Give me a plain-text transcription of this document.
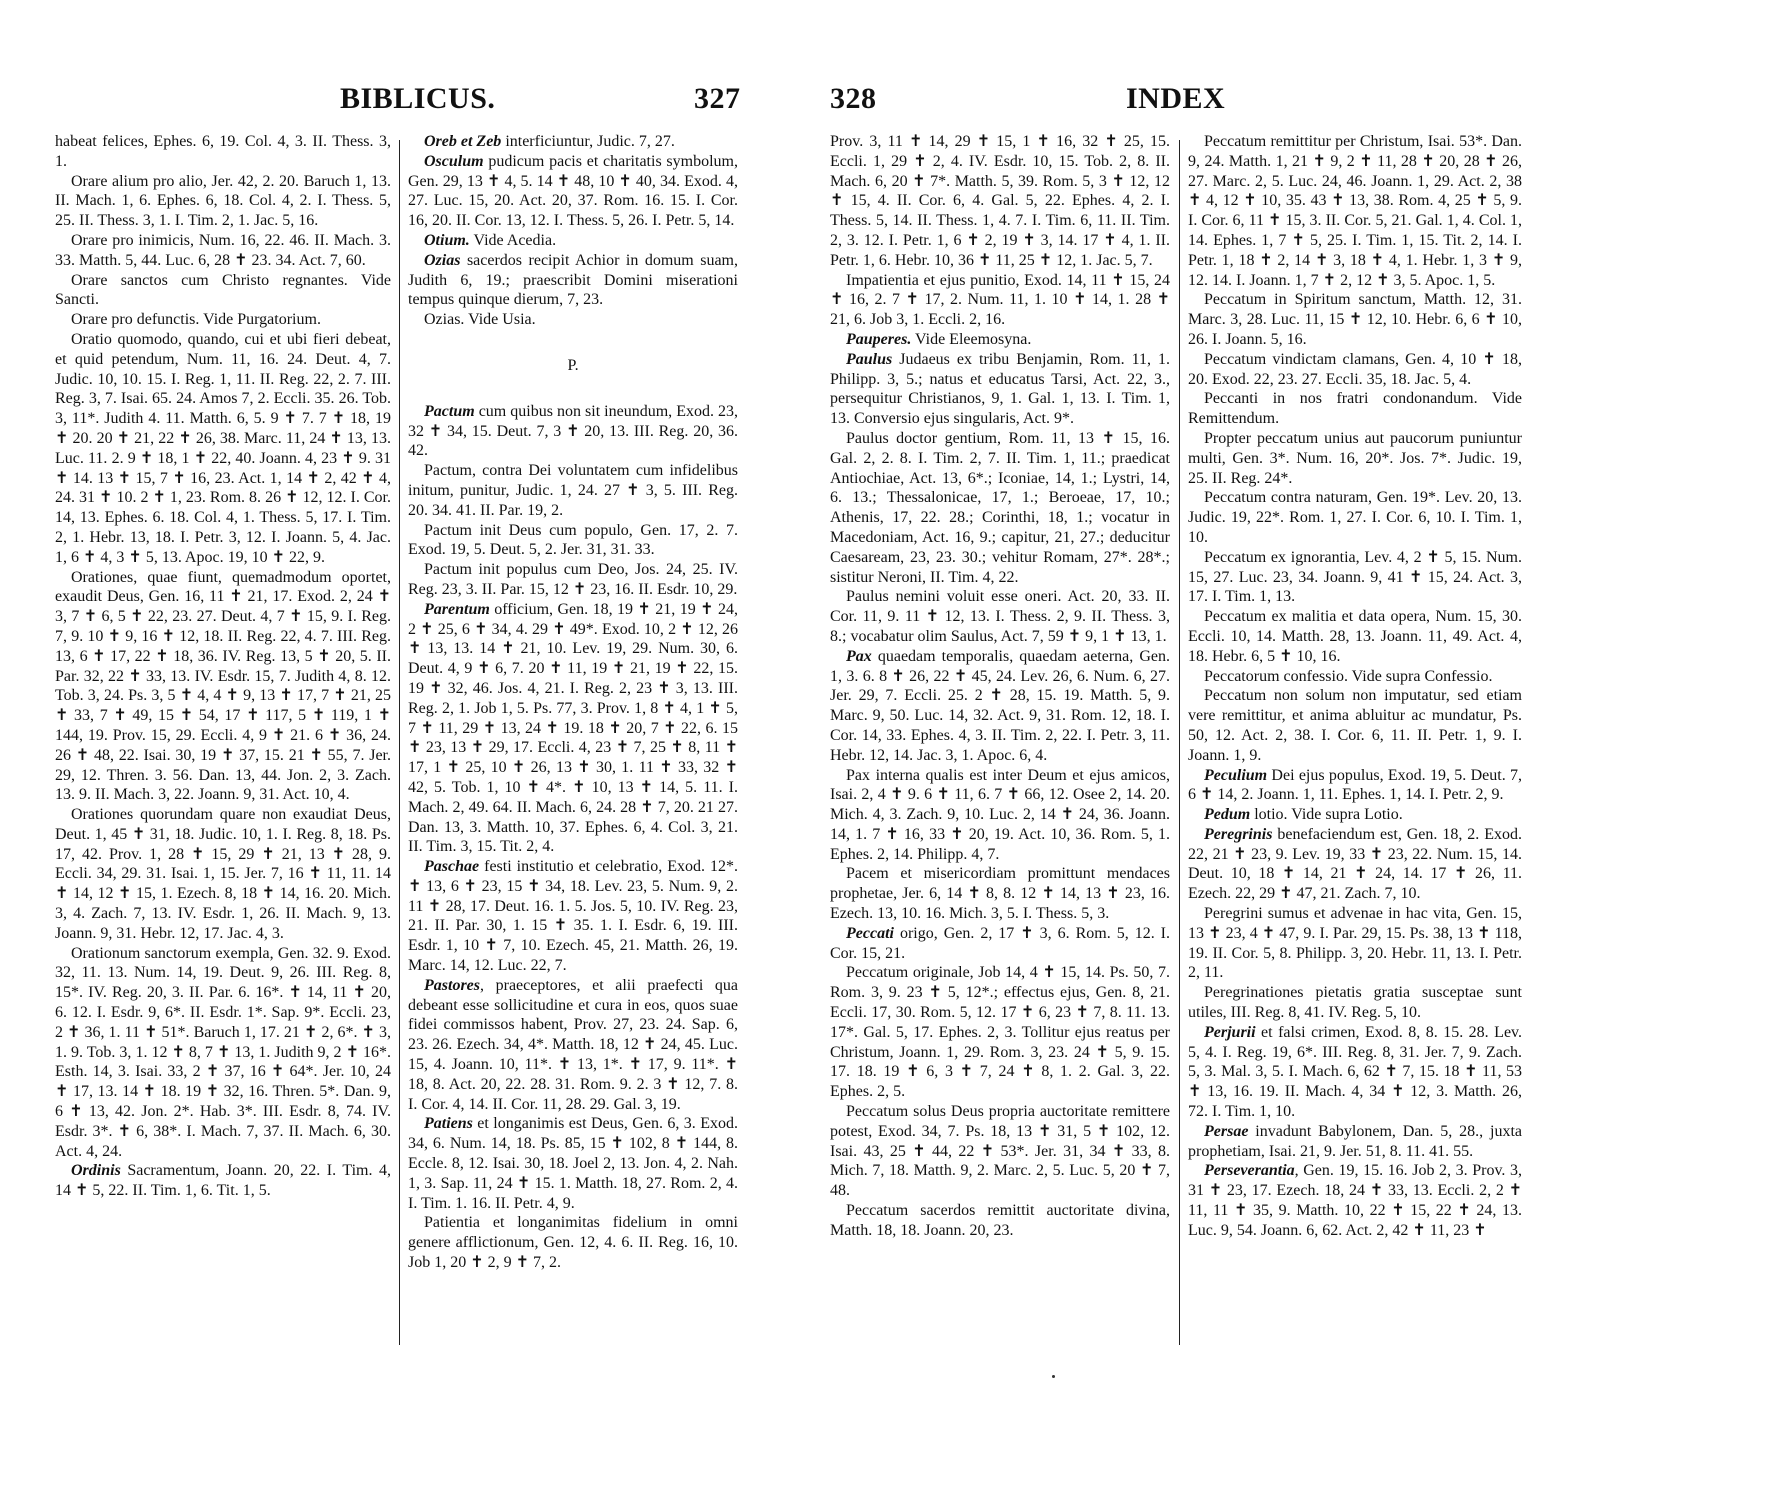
BIBLICUS.	327

habeat felices, Ephes. 6, 19. Col. 4, 3. II. Thess. 3, 1.

Orare alium pro alio, Jer. 42, 2. 20. Baruch 1, 13. II. Mach. 1, 6. Ephes. 6, 18. Col. 4, 2. I. Thess. 5, 25. II. Thess. 3, 1. I. Tim. 2, 1. Jac. 5, 16.

Orare pro inimicis, Num. 16, 22. 46. II. Mach. 3. 33. Matth. 5, 44. Luc. 6, 28 ✝ 23. 34. Act. 7, 60.

Orare sanctos cum Christo regnantes. Vide Sancti.

Orare pro defunctis. Vide Purgatorium.

Oratio quomodo, quando, cui et ubi fieri debeat, et quid petendum, Num. 11, 16. 24. Deut. 4, 7. Judic. 10, 10. 15. I. Reg. 1, 11. II. Reg. 22, 2. 7. III. Reg. 3, 7. Isai. 65. 24. Amos 7, 2. Eccli. 35. 26. Tob. 3, 11*. Judith 4. 11. Matth. 6, 5. 9 ✝ 7. 7 ✝ 18, 19 ✝ 20. 20 ✝ 21, 22 ✝ 26, 38. Marc. 11, 24 ✝ 13, 13. Luc. 11. 2. 9 ✝ 18, 1 ✝ 22, 40. Joann. 4, 23 ✝ 9. 31 ✝ 14. 13 ✝ 15, 7 ✝ 16, 23. Act. 1, 14 ✝ 2, 42 ✝ 4, 24. 31 ✝ 10. 2 ✝ 1, 23. Rom. 8. 26 ✝ 12, 12. I. Cor. 14, 13. Ephes. 6. 18. Col. 4, 1. Thess. 5, 17. I. Tim. 2, 1. Hebr. 13, 18. I. Petr. 3, 12. I. Joann. 5, 4. Jac. 1, 6 ✝ 4, 3 ✝ 5, 13. Apoc. 19, 10 ✝ 22, 9.

Orationes, quae fiunt, quemadmodum oportet, exaudit Deus, Gen. 16, 11 ✝ 21, 17. Exod. 2, 24 ✝ 3, 7 ✝ 6, 5 ✝ 22, 23. 27. Deut. 4, 7 ✝ 15, 9. I. Reg. 7, 9. 10 ✝ 9, 16 ✝ 12, 18. II. Reg. 22, 4. 7. III. Reg. 13, 6 ✝ 17, 22 ✝ 18, 36. IV. Reg. 13, 5 ✝ 20, 5. II. Par. 32, 22 ✝ 33, 13. IV. Esdr. 15, 7. Judith 4, 8. 12. Tob. 3, 24. Ps. 3, 5 ✝ 4, 4 ✝ 9, 13 ✝ 17, 7 ✝ 21, 25 ✝ 33, 7 ✝ 49, 15 ✝ 54, 17 ✝ 117, 5 ✝ 119, 1 ✝ 144, 19. Prov. 15, 29. Eccli. 4, 9 ✝ 21. 6 ✝ 36, 24. 26 ✝ 48, 22. Isai. 30, 19 ✝ 37, 15. 21 ✝ 55, 7. Jer. 29, 12. Thren. 3. 56. Dan. 13, 44. Jon. 2, 3. Zach. 13. 9. II. Mach. 3, 22. Joann. 9, 31. Act. 10, 4.

Orationes quorundam quare non exaudiat Deus, Deut. 1, 45 ✝ 31, 18. Judic. 10, 1. I. Reg. 8, 18. Ps. 17, 42. Prov. 1, 28 ✝ 15, 29 ✝ 21, 13 ✝ 28, 9. Eccli. 34, 29. 31. Isai. 1, 15. Jer. 7, 16 ✝ 11, 11. 14 ✝ 14, 12 ✝ 15, 1. Ezech. 8, 18 ✝ 14, 16. 20. Mich. 3, 4. Zach. 7, 13. IV. Esdr. 1, 26. II. Mach. 9, 13. Joann. 9, 31. Hebr. 12, 17. Jac. 4, 3.

Orationum sanctorum exempla, Gen. 32. 9. Exod. 32, 11. 13. Num. 14, 19. Deut. 9, 26. III. Reg. 8, 15*. IV. Reg. 20, 3. II. Par. 6. 16*. ✝ 14, 11 ✝ 20, 6. 12. I. Esdr. 9, 6*. II. Esdr. 1*. Sap. 9*. Eccli. 23, 2 ✝ 36, 1. 11 ✝ 51*. Baruch 1, 17. 21 ✝ 2, 6*. ✝ 3, 1. 9. Tob. 3, 1. 12 ✝ 8, 7 ✝ 13, 1. Judith 9, 2 ✝ 16*. Esth. 14, 3. Isai. 33, 2 ✝ 37, 16 ✝ 64*. Jer. 10, 24 ✝ 17, 13. 14 ✝ 18. 19 ✝ 32, 16. Thren. 5*. Dan. 9, 6 ✝ 13, 42. Jon. 2*. Hab. 3*. III. Esdr. 8, 74. IV. Esdr. 3*. ✝ 6, 38*. I. Mach. 7, 37. II. Mach. 6, 30. Act. 4, 24.

Ordinis Sacramentum, Joann. 20, 22. I. Tim. 4, 14 ✝ 5, 22. II. Tim. 1, 6. Tit. 1, 5.

Oreb et Zeb interficiuntur, Judic. 7, 27.

Osculum pudicum pacis et charitatis symbolum, Gen. 29, 13 ✝ 4, 5. 14 ✝ 48, 10 ✝ 40, 34. Exod. 4, 27. Luc. 15, 20. Act. 20, 37. Rom. 16. 15. I. Cor. 16, 20. II. Cor. 13, 12. I. Thess. 5, 26. I. Petr. 5, 14.

Otium. Vide Acedia.

Ozias sacerdos recipit Achior in domum suam, Judith 6, 19.; praescribit Domini miserationi tempus quinque dierum, 7, 23.

Ozias. Vide Usia.

P.

Pactum cum quibus non sit ineundum, Exod. 23, 32 ✝ 34, 15. Deut. 7, 3 ✝ 20, 13. III. Reg. 20, 36. 42.

Pactum, contra Dei voluntatem cum infidelibus initum, punitur, Judic. 1, 24. 27 ✝ 3, 5. III. Reg. 20. 34. 41. II. Par. 19, 2.

Pactum init Deus cum populo, Gen. 17, 2. 7. Exod. 19, 5. Deut. 5, 2. Jer. 31, 31. 33.

Pactum init populus cum Deo, Jos. 24, 25. IV. Reg. 23, 3. II. Par. 15, 12 ✝ 23, 16. II. Esdr. 10, 29.

Parentum officium, Gen. 18, 19 ✝ 21, 19 ✝ 24, 2 ✝ 25, 6 ✝ 34, 4. 29 ✝ 49*. Exod. 10, 2 ✝ 12, 26 ✝ 13, 13. 14 ✝ 21, 10. Lev. 19, 29. Num. 30, 6. Deut. 4, 9 ✝ 6, 7. 20 ✝ 11, 19 ✝ 21, 19 ✝ 22, 15. 19 ✝ 32, 46. Jos. 4, 21. I. Reg. 2, 23 ✝ 3, 13. III. Reg. 2, 1. Job 1, 5. Ps. 77, 3. Prov. 1, 8 ✝ 4, 1 ✝ 5, 7 ✝ 11, 29 ✝ 13, 24 ✝ 19. 18 ✝ 20, 7 ✝ 22, 6. 15 ✝ 23, 13 ✝ 29, 17. Eccli. 4, 23 ✝ 7, 25 ✝ 8, 11 ✝ 17, 1 ✝ 25, 10 ✝ 26, 13 ✝ 30, 1. 11 ✝ 33, 32 ✝ 42, 5. Tob. 1, 10 ✝ 4*. ✝ 10, 13 ✝ 14, 5. 11. I. Mach. 2, 49. 64. II. Mach. 6, 24. 28 ✝ 7, 20. 21 27. Dan. 13, 3. Matth. 10, 37. Ephes. 6, 4. Col. 3, 21. II. Tim. 3, 15. Tit. 2, 4.

Paschae festi institutio et celebratio, Exod. 12*. ✝ 13, 6 ✝ 23, 15 ✝ 34, 18. Lev. 23, 5. Num. 9, 2. 11 ✝ 28, 17. Deut. 16. 1. 5. Jos. 5, 10. IV. Reg. 23, 21. II. Par. 30, 1. 15 ✝ 35. 1. I. Esdr. 6, 19. III. Esdr. 1, 10 ✝ 7, 10. Ezech. 45, 21. Matth. 26, 19. Marc. 14, 12. Luc. 22, 7.

Pastores, praeceptores, et alii praefecti qua debeant esse sollicitudine et cura in eos, quos suae fidei commissos habent, Prov. 27, 23. 24. Sap. 6, 23. 26. Ezech. 34, 4*. Matth. 18, 12 ✝ 24, 45. Luc. 15, 4. Joann. 10, 11*. ✝ 13, 1*. ✝ 17, 9. 11*. ✝ 18, 8. Act. 20, 22. 28. 31. Rom. 9. 2. 3 ✝ 12, 7. 8. I. Cor. 4, 14. II. Cor. 11, 28. 29. Gal. 3, 19.

Patiens et longanimis est Deus, Gen. 6, 3. Exod. 34, 6. Num. 14, 18. Ps. 85, 15 ✝ 102, 8 ✝ 144, 8. Eccle. 8, 12. Isai. 30, 18. Joel 2, 13. Jon. 4, 2. Nah. 1, 3. Sap. 11, 24 ✝ 15. 1. Matth. 18, 27. Rom. 2, 4. I. Tim. 1. 16. II. Petr. 4, 9.

Patientia et longanimitas fidelium in omni genere afflictionum, Gen. 12, 4. 6. II. Reg. 16, 10. Job 1, 20 ✝ 2, 9 ✝ 7, 2.

328	INDEX

Prov. 3, 11 ✝ 14, 29 ✝ 15, 1 ✝ 16, 32 ✝ 25, 15. Eccli. 1, 29 ✝ 2, 4. IV. Esdr. 10, 15. Tob. 2, 8. II. Mach. 6, 20 ✝ 7*. Matth. 5, 39. Rom. 5, 3 ✝ 12, 12 ✝ 15, 4. II. Cor. 6, 4. Gal. 5, 22. Ephes. 4, 2. I. Thess. 5, 14. II. Thess. 1, 4. 7. I. Tim. 6, 11. II. Tim. 2, 3. 12. I. Petr. 1, 6 ✝ 2, 19 ✝ 3, 14. 17 ✝ 4, 1. II. Petr. 1, 6. Hebr. 10, 36 ✝ 11, 25 ✝ 12, 1. Jac. 5, 7.

Impatientia et ejus punitio, Exod. 14, 11 ✝ 15, 24 ✝ 16, 2. 7 ✝ 17, 2. Num. 11, 1. 10 ✝ 14, 1. 28 ✝ 21, 6. Job 3, 1. Eccli. 2, 16.

Pauperes. Vide Eleemosyna.

Paulus Judaeus ex tribu Benjamin, Rom. 11, 1. Philipp. 3, 5.; natus et educatus Tarsi, Act. 22, 3., persequitur Christianos, 9, 1. Gal. 1, 13. I. Tim. 1, 13. Conversio ejus singularis, Act. 9*.

Paulus doctor gentium, Rom. 11, 13 ✝ 15, 16. Gal. 2, 2. 8. I. Tim. 2, 7. II. Tim. 1, 11.; praedicat Antiochiae, Act. 13, 6*.; Iconiae, 14, 1.; Lystri, 14, 6. 13.; Thessalonicae, 17, 1.; Beroeae, 17, 10.; Athenis, 17, 22. 28.; Corinthi, 18, 1.; vocatur in Macedoniam, Act. 16, 9.; capitur, 21, 27.; deducitur Caesaream, 23, 23. 30.; vehitur Romam, 27*. 28*.; sistitur Neroni, II. Tim. 4, 22.

Paulus nemini voluit esse oneri. Act. 20, 33. II. Cor. 11, 9. 11 ✝ 12, 13. I. Thess. 2, 9. II. Thess. 3, 8.; vocabatur olim Saulus, Act. 7, 59 ✝ 9, 1 ✝ 13, 1.

Pax quaedam temporalis, quaedam aeterna, Gen. 1, 3. 6. 8 ✝ 26, 22 ✝ 45, 24. Lev. 26, 6. Num. 6, 27. Jer. 29, 7. Eccli. 25. 2 ✝ 28, 15. 19. Matth. 5, 9. Marc. 9, 50. Luc. 14, 32. Act. 9, 31. Rom. 12, 18. I. Cor. 14, 33. Ephes. 4, 3. II. Tim. 2, 22. I. Petr. 3, 11. Hebr. 12, 14. Jac. 3, 1. Apoc. 6, 4.

Pax interna qualis est inter Deum et ejus amicos, Isai. 2, 4 ✝ 9. 6 ✝ 11, 6. 7 ✝ 66, 12. Osee 2, 14. 20. Mich. 4, 3. Zach. 9, 10. Luc. 2, 14 ✝ 24, 36. Joann. 14, 1. 7 ✝ 16, 33 ✝ 20, 19. Act. 10, 36. Rom. 5, 1. Ephes. 2, 14. Philipp. 4, 7.

Pacem et misericordiam promittunt mendaces prophetae, Jer. 6, 14 ✝ 8, 8. 12 ✝ 14, 13 ✝ 23, 16. Ezech. 13, 10. 16. Mich. 3, 5. I. Thess. 5, 3.

Peccati origo, Gen. 2, 17 ✝ 3, 6. Rom. 5, 12. I. Cor. 15, 21.

Peccatum originale, Job 14, 4 ✝ 15, 14. Ps. 50, 7. Rom. 3, 9. 23 ✝ 5, 12*.; effectus ejus, Gen. 8, 21. Eccli. 17, 30. Rom. 5, 12. 17 ✝ 6, 23 ✝ 7, 8. 11. 13. 17*. Gal. 5, 17. Ephes. 2, 3. Tollitur ejus reatus per Christum, Joann. 1, 29. Rom. 3, 23. 24 ✝ 5, 9. 15. 17. 18. 19 ✝ 6, 3 ✝ 7, 24 ✝ 8, 1. 2. Gal. 3, 22. Ephes. 2, 5.

Peccatum solus Deus propria auctoritate remittere potest, Exod. 34, 7. Ps. 18, 13 ✝ 31, 5 ✝ 102, 12. Isai. 43, 25 ✝ 44, 22 ✝ 53*. Jer. 31, 34 ✝ 33, 8. Mich. 7, 18. Matth. 9, 2. Marc. 2, 5. Luc. 5, 20 ✝ 7, 48.

Peccatum sacerdos remittit auctoritate divina, Matth. 18, 18. Joann. 20, 23.

Peccatum remittitur per Christum, Isai. 53*. Dan. 9, 24. Matth. 1, 21 ✝ 9, 2 ✝ 11, 28 ✝ 20, 28 ✝ 26, 27. Marc. 2, 5. Luc. 24, 46. Joann. 1, 29. Act. 2, 38 ✝ 4, 12 ✝ 10, 35. 43 ✝ 13, 38. Rom. 4, 25 ✝ 5, 9. I. Cor. 6, 11 ✝ 15, 3. II. Cor. 5, 21. Gal. 1, 4. Col. 1, 14. Ephes. 1, 7 ✝ 5, 25. I. Tim. 1, 15. Tit. 2, 14. I. Petr. 1, 18 ✝ 2, 14 ✝ 3, 18 ✝ 4, 1. Hebr. 1, 3 ✝ 9, 12. 14. I. Joann. 1, 7 ✝ 2, 12 ✝ 3, 5. Apoc. 1, 5.

Peccatum in Spiritum sanctum, Matth. 12, 31. Marc. 3, 28. Luc. 11, 15 ✝ 12, 10. Hebr. 6, 6 ✝ 10, 26. I. Joann. 5, 16.

Peccatum vindictam clamans, Gen. 4, 10 ✝ 18, 20. Exod. 22, 23. 27. Eccli. 35, 18. Jac. 5, 4.

Peccanti in nos fratri condonandum. Vide Remittendum.

Propter peccatum unius aut paucorum puniuntur multi, Gen. 3*. Num. 16, 20*. Jos. 7*. Judic. 19, 25. II. Reg. 24*.

Peccatum contra naturam, Gen. 19*. Lev. 20, 13. Judic. 19, 22*. Rom. 1, 27. I. Cor. 6, 10. I. Tim. 1, 10.

Peccatum ex ignorantia, Lev. 4, 2 ✝ 5, 15. Num. 15, 27. Luc. 23, 34. Joann. 9, 41 ✝ 15, 24. Act. 3, 17. I. Tim. 1, 13.

Peccatum ex malitia et data opera, Num. 15, 30. Eccli. 10, 14. Matth. 28, 13. Joann. 11, 49. Act. 4, 18. Hebr. 6, 5 ✝ 10, 16.

Peccatorum confessio. Vide supra Confessio.

Peccatum non solum non imputatur, sed etiam vere remittitur, et anima abluitur ac mundatur, Ps. 50, 12. Act. 2, 38. I. Cor. 6, 11. II. Petr. 1, 9. I. Joann. 1, 9.

Peculium Dei ejus populus, Exod. 19, 5. Deut. 7, 6 ✝ 14, 2. Joann. 1, 11. Ephes. 1, 14. I. Petr. 2, 9.

Pedum lotio. Vide supra Lotio.

Peregrinis benefaciendum est, Gen. 18, 2. Exod. 22, 21 ✝ 23, 9. Lev. 19, 33 ✝ 23, 22. Num. 15, 14. Deut. 10, 18 ✝ 14, 21 ✝ 24, 14. 17 ✝ 26, 11. Ezech. 22, 29 ✝ 47, 21. Zach. 7, 10.

Peregrini sumus et advenae in hac vita, Gen. 15, 13 ✝ 23, 4 ✝ 47, 9. I. Par. 29, 15. Ps. 38, 13 ✝ 118, 19. II. Cor. 5, 8. Philipp. 3, 20. Hebr. 11, 13. I. Petr. 2, 11.

Peregrinationes pietatis gratia susceptae sunt utiles, III. Reg. 8, 41. IV. Reg. 5, 10.

Perjurii et falsi crimen, Exod. 8, 8. 15. 28. Lev. 5, 4. I. Reg. 19, 6*. III. Reg. 8, 31. Jer. 7, 9. Zach. 5, 3. Mal. 3, 5. I. Mach. 6, 62 ✝ 7, 15. 18 ✝ 11, 53 ✝ 13, 16. 19. II. Mach. 4, 34 ✝ 12, 3. Matth. 26, 72. I. Tim. 1, 10.

Persae invadunt Babylonem, Dan. 5, 28., juxta prophetiam, Isai. 21, 9. Jer. 51, 8. 11. 41. 55.

Perseverantia, Gen. 19, 15. 16. Job 2, 3. Prov. 3, 31 ✝ 23, 17. Ezech. 18, 24 ✝ 33, 13. Eccli. 2, 2 ✝ 11, 11 ✝ 35, 9. Matth. 10, 22 ✝ 15, 22 ✝ 24, 13. Luc. 9, 54. Joann. 6, 62. Act. 2, 42 ✝ 11, 23 ✝
